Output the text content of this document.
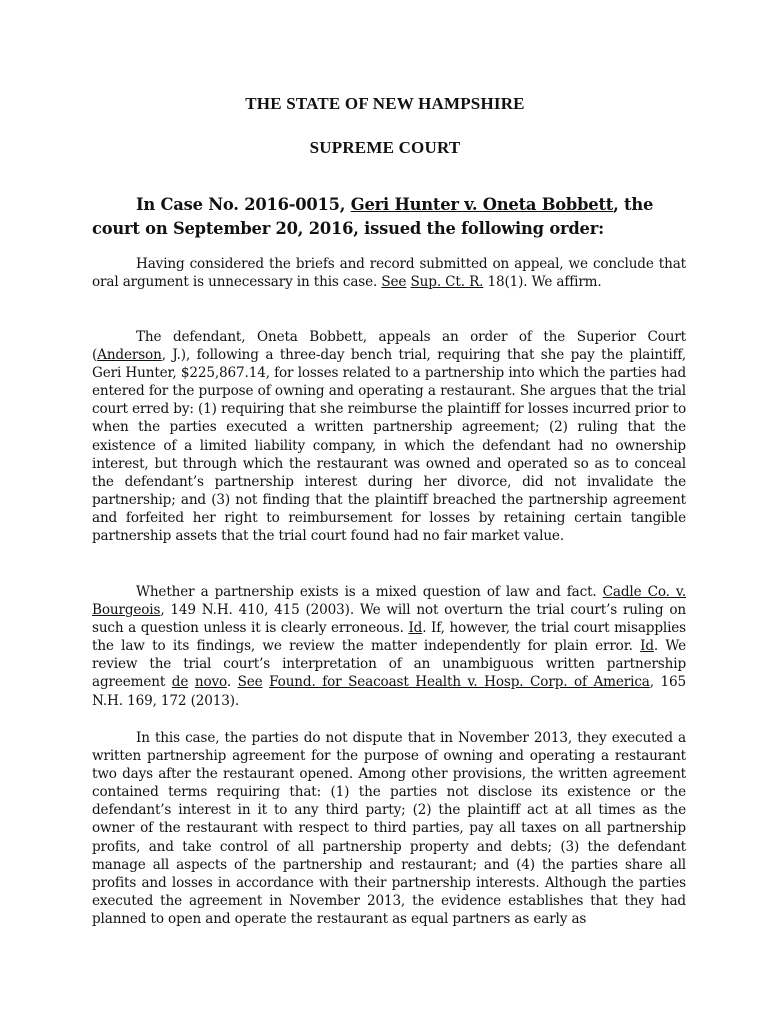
THE STATE OF NEW HAMPSHIRE
SUPREME COURT
In Case No. 2016-0015, Geri Hunter v. Oneta Bobbett, the
court on September 20, 2016, issued the following order:
Having considered the briefs and record submitted on appeal, we conclude that oral argument is unnecessary in this case. See Sup. Ct. R. 18(1). We affirm.
The defendant, Oneta Bobbett, appeals an order of the Superior Court (Anderson, J.), following a three-day bench trial, requiring that she pay the plaintiff, Geri Hunter, $225,867.14, for losses related to a partnership into which the parties had entered for the purpose of owning and operating a restaurant. She argues that the trial court erred by: (1) requiring that she reimburse the plaintiff for losses incurred prior to when the parties executed a written partnership agreement; (2) ruling that the existence of a limited liability company, in which the defendant had no ownership interest, but through which the restaurant was owned and operated so as to conceal the defendant’s partnership interest during her divorce, did not invalidate the partnership; and (3) not finding that the plaintiff breached the partnership agreement and forfeited her right to reimbursement for losses by retaining certain tangible partnership assets that the trial court found had no fair market value.
Whether a partnership exists is a mixed question of law and fact. Cadle Co. v. Bourgeois, 149 N.H. 410, 415 (2003). We will not overturn the trial court’s ruling on such a question unless it is clearly erroneous. Id. If, however, the trial court misapplies the law to its findings, we review the matter independently for plain error. Id. We review the trial court’s interpretation of an unambiguous written partnership agreement de novo. See Found. for Seacoast Health v. Hosp. Corp. of America, 165 N.H. 169, 172 (2013).
In this case, the parties do not dispute that in November 2013, they executed a written partnership agreement for the purpose of owning and operating a restaurant two days after the restaurant opened. Among other provisions, the written agreement contained terms requiring that: (1) the parties not disclose its existence or the defendant’s interest in it to any third party; (2) the plaintiff act at all times as the owner of the restaurant with respect to third parties, pay all taxes on all partnership profits, and take control of all partnership property and debts; (3) the defendant manage all aspects of the partnership and restaurant; and (4) the parties share all profits and losses in accordance with their partnership interests. Although the parties executed the agreement in November 2013, the evidence establishes that they had planned to open and operate the restaurant as equal partners as early as
